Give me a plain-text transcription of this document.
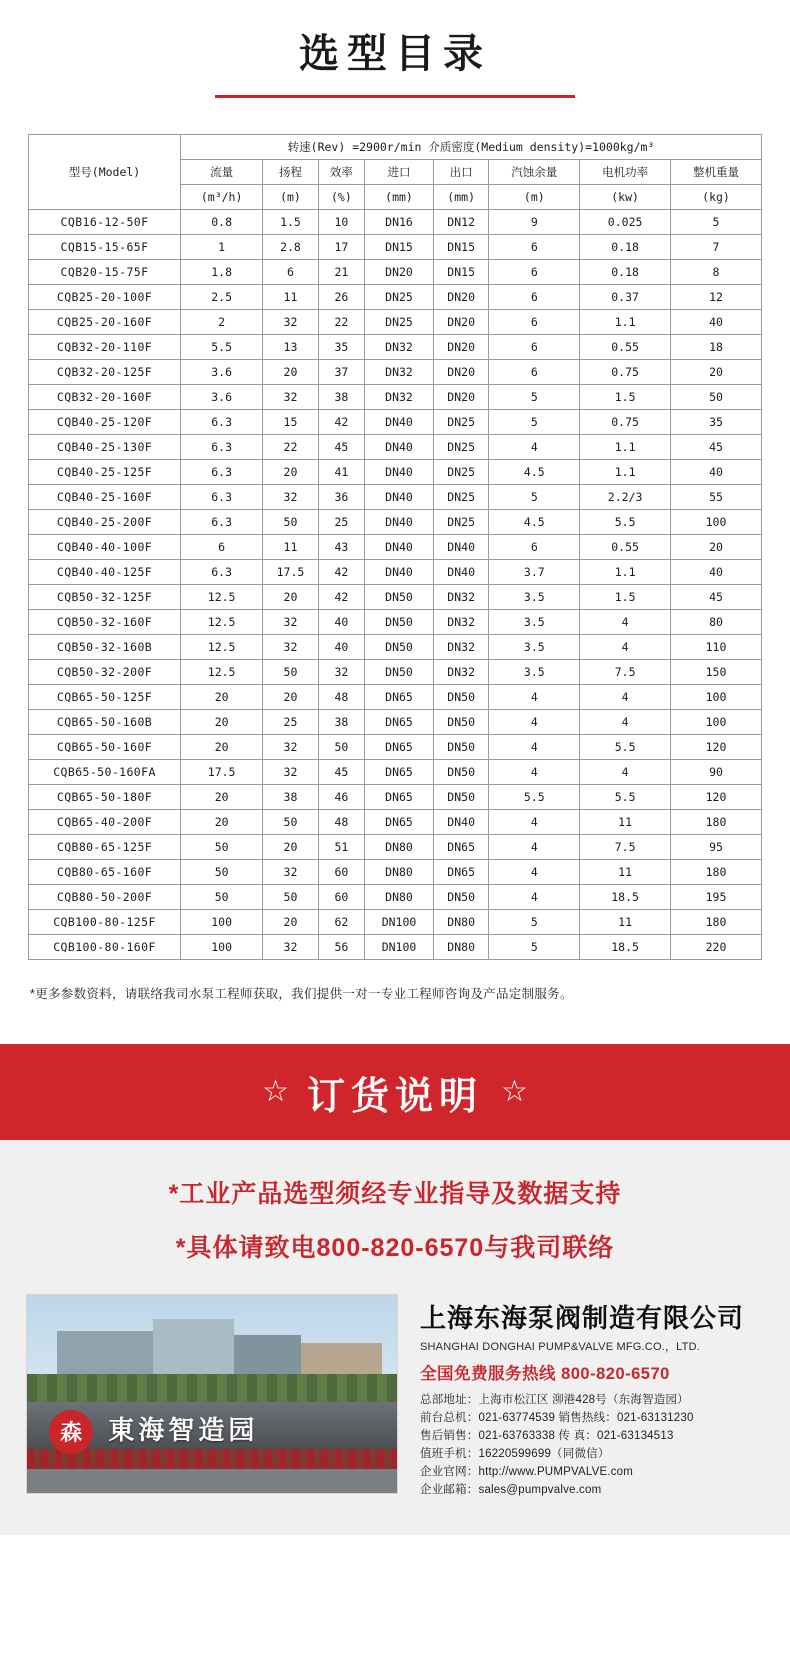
选型目录
型号(Model)	转速(Rev) =2900r/min 介质密度(Medium density)=1000kg/m³							
	流量	扬程	效率	进口	出口	汽蚀余量	电机功率	整机重量
	(m³/h)	(m)	(%)	(mm)	(mm)	(m)	(kw)	(kg)
CQB16-12-50F	0.8	1.5	10	DN16	DN12	9	0.025	5
CQB15-15-65F	1	2.8	17	DN15	DN15	6	0.18	7
CQB20-15-75F	1.8	6	21	DN20	DN15	6	0.18	8
CQB25-20-100F	2.5	11	26	DN25	DN20	6	0.37	12
CQB25-20-160F	2	32	22	DN25	DN20	6	1.1	40
CQB32-20-110F	5.5	13	35	DN32	DN20	6	0.55	18
CQB32-20-125F	3.6	20	37	DN32	DN20	6	0.75	20
CQB32-20-160F	3.6	32	38	DN32	DN20	5	1.5	50
CQB40-25-120F	6.3	15	42	DN40	DN25	5	0.75	35
CQB40-25-130F	6.3	22	45	DN40	DN25	4	1.1	45
CQB40-25-125F	6.3	20	41	DN40	DN25	4.5	1.1	40
CQB40-25-160F	6.3	32	36	DN40	DN25	5	2.2/3	55
CQB40-25-200F	6.3	50	25	DN40	DN25	4.5	5.5	100
CQB40-40-100F	6	11	43	DN40	DN40	6	0.55	20
CQB40-40-125F	6.3	17.5	42	DN40	DN40	3.7	1.1	40
CQB50-32-125F	12.5	20	42	DN50	DN32	3.5	1.5	45
CQB50-32-160F	12.5	32	40	DN50	DN32	3.5	4	80
CQB50-32-160B	12.5	32	40	DN50	DN32	3.5	4	110
CQB50-32-200F	12.5	50	32	DN50	DN32	3.5	7.5	150
CQB65-50-125F	20	20	48	DN65	DN50	4	4	100
CQB65-50-160B	20	25	38	DN65	DN50	4	4	100
CQB65-50-160F	20	32	50	DN65	DN50	4	5.5	120
CQB65-50-160FA	17.5	32	45	DN65	DN50	4	4	90
CQB65-50-180F	20	38	46	DN65	DN50	5.5	5.5	120
CQB65-40-200F	20	50	48	DN65	DN40	4	11	180
CQB80-65-125F	50	20	51	DN80	DN65	4	7.5	95
CQB80-65-160F	50	32	60	DN80	DN65	4	11	180
CQB80-50-200F	50	50	60	DN80	DN50	4	18.5	195
CQB100-80-125F	100	20	62	DN100	DN80	5	11	180
CQB100-80-160F	100	32	56	DN100	DN80	5	18.5	220
*更多参数资料，请联络我司水泵工程师获取，我们提供一对一专业工程师咨询及产品定制服务。
☆ 订货说明 ☆

*工业产品选型须经专业指导及数据支持

*具体请致电800-820-6570与我司联络

森	東海智造园

上海东海泵阀制造有限公司

SHANGHAI DONGHAI PUMP&VALVE MFG.CO.，LTD.

全国免费服务热线 800-820-6570

总部地址：上海市松江区 泖港428号（东海智造园）
前台总机：021-63774539 销售热线：021-63131230
售后销售：021-63763338 传 真：021-63134513
值班手机：16220599699（同微信）
企业官网：http://www.PUMPVALVE.com
企业邮箱：sales@pumpvalve.com
